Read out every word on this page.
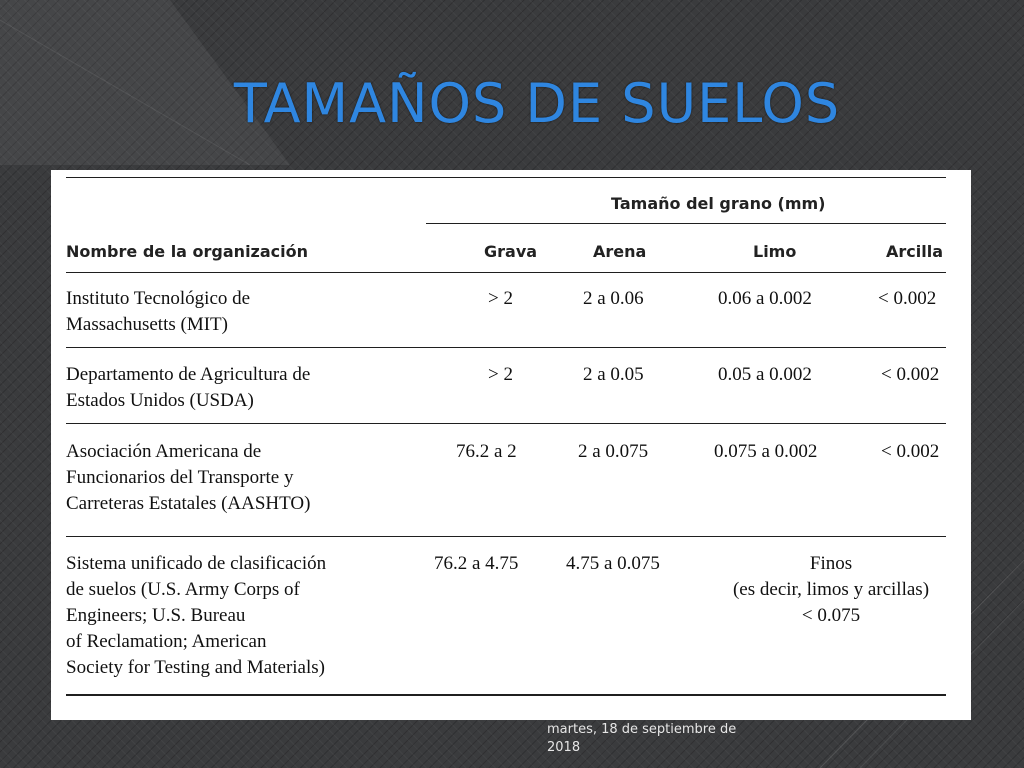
TAMAÑOS DE SUELOS
Tamaño del grano (mm)
Nombre de la organización	Grava	Arena	Limo	Arcilla
Instituto Tecnológico de
Massachusetts (MIT)
> 2	2 a 0.06	0.06 a 0.002	< 0.002
Departamento de Agricultura de
Estados Unidos (USDA)
> 2	2 a 0.05	0.05 a 0.002	< 0.002
Asociación Americana de
Funcionarios del Transporte y
Carreteras Estatales (AASHTO)
76.2 a 2	2 a 0.075	0.075 a 0.002	< 0.002
Sistema unificado de clasificación
de suelos (U.S. Army Corps of
Engineers; U.S. Bureau
of Reclamation; American
Society for Testing and Materials)
76.2 a 4.75	4.75 a 0.075	Finos
(es decir, limos y arcillas)
< 0.075
martes, 18 de septiembre de 2018
